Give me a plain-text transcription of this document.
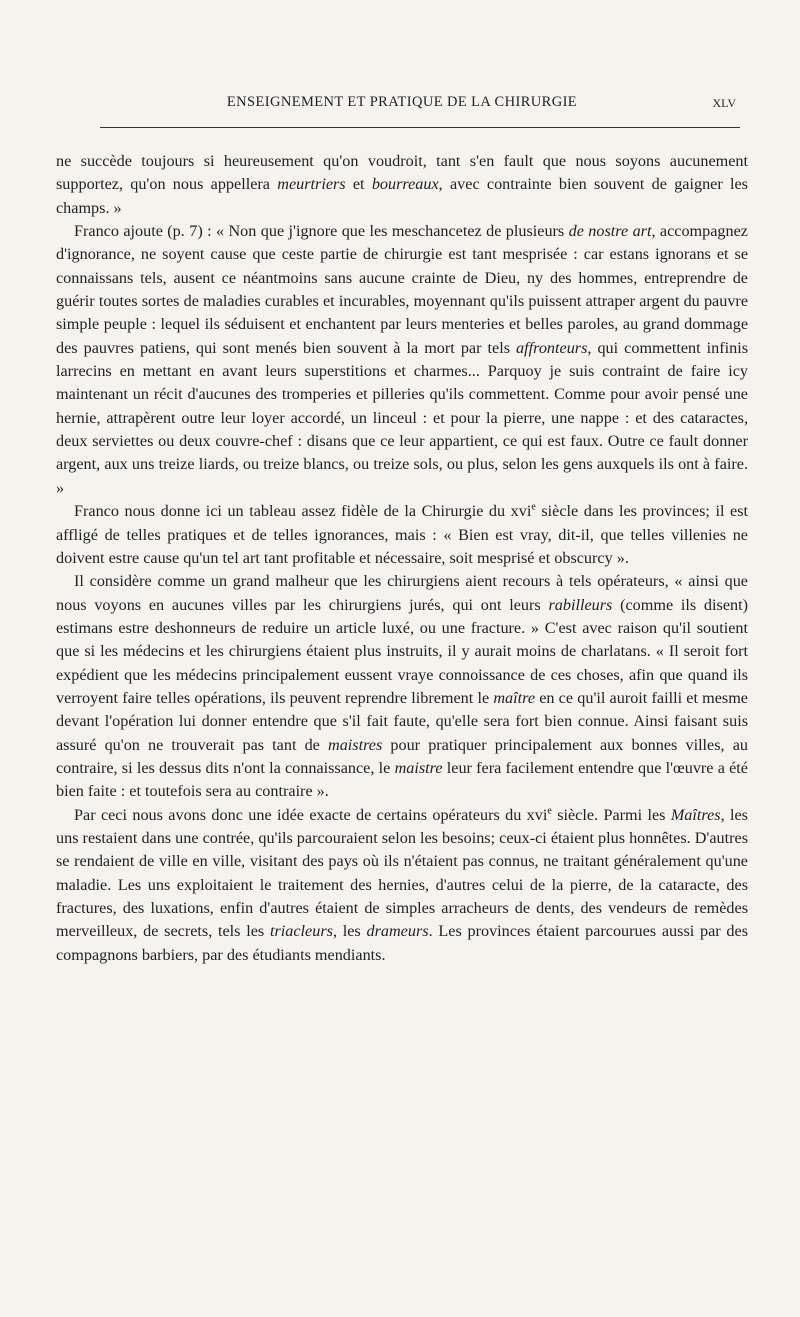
ENSEIGNEMENT ET PRATIQUE DE LA CHIRURGIE	XLV

ne succède toujours si heureusement qu'on voudroit, tant s'en fault que nous soyons aucunement supportez, qu'on nous appellera meurtriers et bourreaux, avec contrainte bien souvent de gaigner les champs. »

Franco ajoute (p. 7) : « Non que j'ignore que les meschancetez de plusieurs de nostre art, accompagnez d'ignorance, ne soyent cause que ceste partie de chirurgie est tant mesprisée : car estans ignorans et se connaissans tels, ausent ce néantmoins sans aucune crainte de Dieu, ny des hommes, entreprendre de guérir toutes sortes de maladies curables et incurables, moyennant qu'ils puissent attraper argent du pauvre simple peuple : lequel ils séduisent et enchantent par leurs menteries et belles paroles, au grand dommage des pauvres patiens, qui sont menés bien souvent à la mort par tels affronteurs, qui commettent infinis larrecins en mettant en avant leurs superstitions et charmes... Parquoy je suis contraint de faire icy maintenant un récit d'aucunes des tromperies et pilleries qu'ils commettent. Comme pour avoir pensé une hernie, attrapèrent outre leur loyer accordé, un linceul : et pour la pierre, une nappe : et des cataractes, deux serviettes ou deux couvre-chef : disans que ce leur appartient, ce qui est faux. Outre ce fault donner argent, aux uns treize liards, ou treize blancs, ou treize sols, ou plus, selon les gens auxquels ils ont à faire. »

Franco nous donne ici un tableau assez fidèle de la Chirurgie du xvi$^e$ siècle dans les provinces; il est affligé de telles pratiques et de telles ignorances, mais : « Bien est vray, dit-il, que telles villenies ne doivent estre cause qu'un tel art tant profitable et nécessaire, soit mesprisé et obscurcy ».

Il considère comme un grand malheur que les chirurgiens aient recours à tels opérateurs, « ainsi que nous voyons en aucunes villes par les chirurgiens jurés, qui ont leurs rabilleurs (comme ils disent) estimans estre deshonneurs de reduire un article luxé, ou une fracture. » C'est avec raison qu'il soutient que si les médecins et les chirurgiens étaient plus instruits, il y aurait moins de charlatans. « Il seroit fort expédient que les médecins principalement eussent vraye connoissance de ces choses, afin que quand ils verroyent faire telles opérations, ils peuvent reprendre librement le maître en ce qu'il auroit failli et mesme devant l'opération lui donner entendre que s'il fait faute, qu'elle sera fort bien connue. Ainsi faisant suis assuré qu'on ne trouverait pas tant de maistres pour pratiquer principalement aux bonnes villes, au contraire, si les dessus dits n'ont la connaissance, le maistre leur fera facilement entendre que l'œuvre a été bien faite : et toutefois sera au contraire ».

Par ceci nous avons donc une idée exacte de certains opérateurs du xvi$^e$ siècle. Parmi les Maîtres, les uns restaient dans une contrée, qu'ils parcouraient selon les besoins; ceux-ci étaient plus honnêtes. D'autres se rendaient de ville en ville, visitant des pays où ils n'étaient pas connus, ne traitant généralement qu'une maladie. Les uns exploitaient le traitement des hernies, d'autres celui de la pierre, de la cataracte, des fractures, des luxations, enfin d'autres étaient de simples arracheurs de dents, des vendeurs de remèdes merveilleux, de secrets, tels les triacleurs, les drameurs. Les provinces étaient parcourues aussi par des compagnons barbiers, par des étudiants mendiants.
